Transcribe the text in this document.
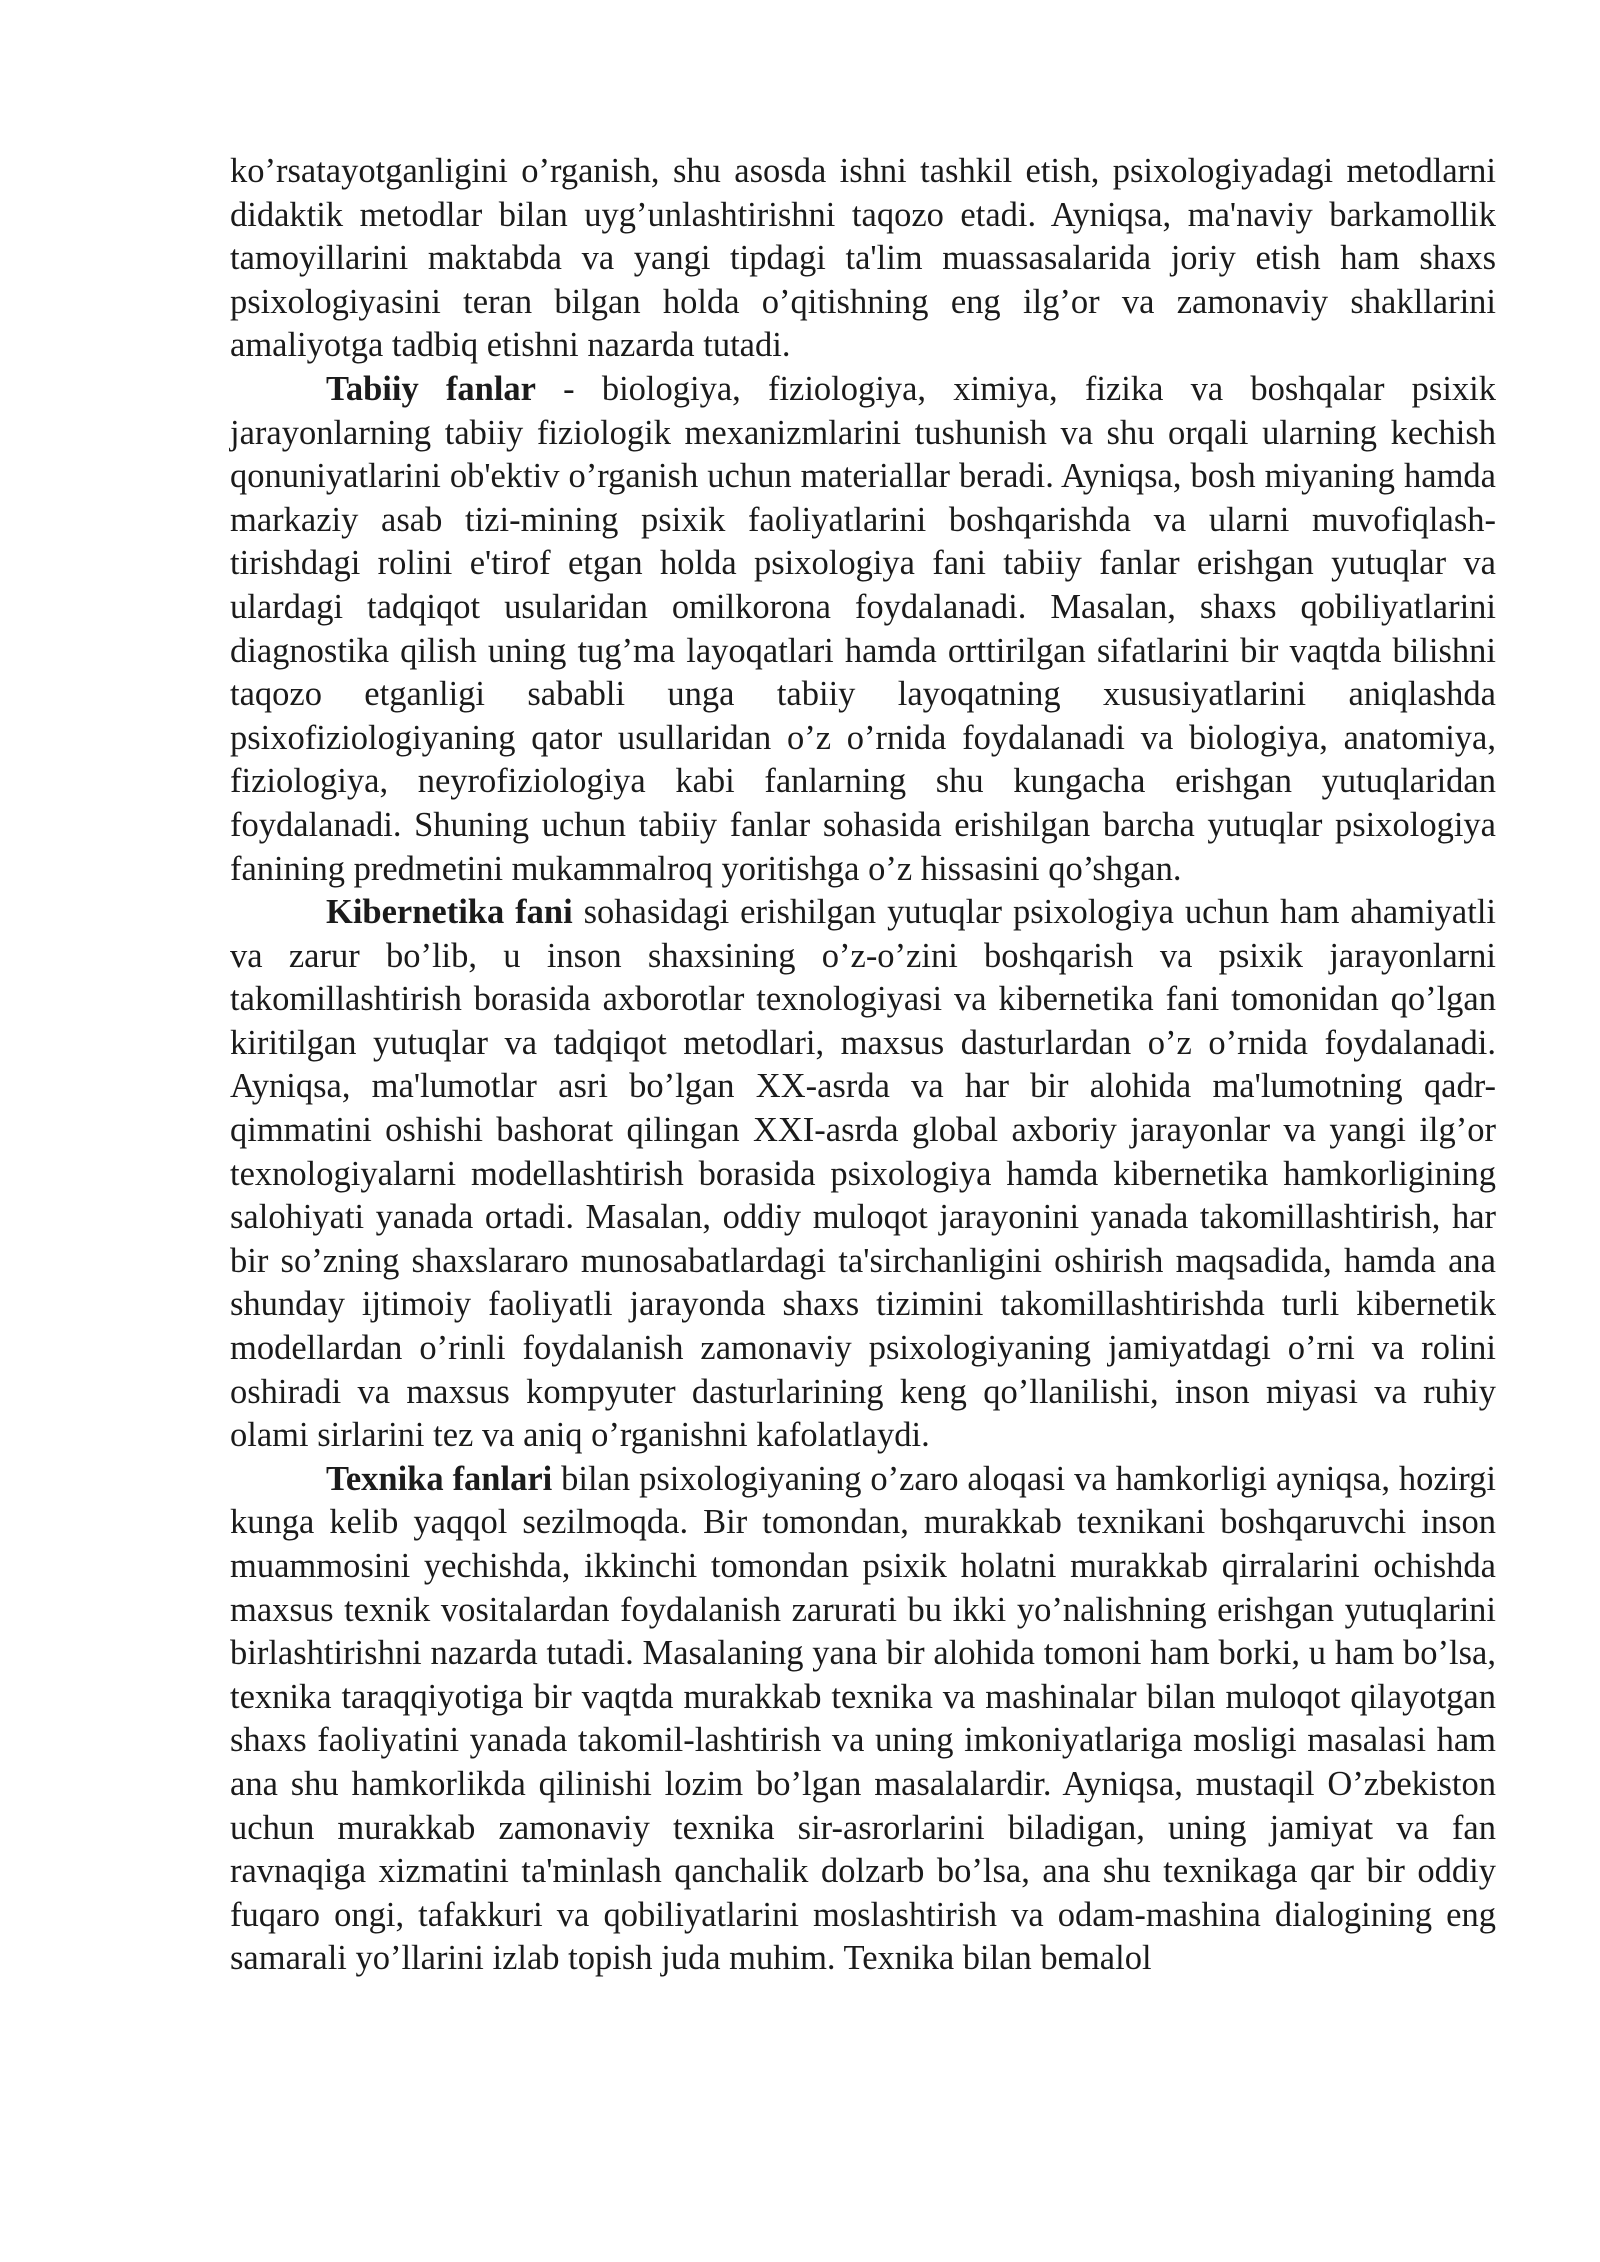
ko’rsatayotganligini o’rganish, shu asosda ishni tashkil etish, psixologiyadagi metodlarni didaktik metodlar bilan uyg’unlashtirishni taqozo etadi. Ayniqsa, ma'naviy barkamollik tamoyillarini maktabda va yangi tipdagi ta'lim muassasalarida joriy etish ham shaxs psixologiyasini teran bilgan holda o’qitishning eng ilg’or va zamonaviy shakllarini amaliyotga tadbiq etishni nazarda tutadi.

Tabiiy fanlar - biologiya, fiziologiya, ximiya, fizika va boshqalar psixik jarayonlarning tabiiy fiziologik mexanizmlarini tushunish va shu orqali ularning kechish qonuniyatlarini ob'ektiv o’rganish uchun materiallar beradi. Ayniqsa, bosh miyaning hamda markaziy asab tizi-mining psixik faoliyatlarini boshqarishda va ularni muvofiqlash-tirishdagi rolini e'tirof etgan holda psixologiya fani tabiiy fanlar erishgan yutuqlar va ulardagi tadqiqot usularidan omilkorona foydalanadi. Masalan, shaxs qobiliyatlarini diagnostika qilish uning tug’ma layoqatlari hamda orttirilgan sifatlarini bir vaqtda bilishni taqozo etganligi sababli unga tabiiy layoqatning xususiyatlarini aniqlashda psixofiziologiyaning qator usullaridan o’z o’rnida foydalanadi va biologiya, anatomiya, fiziologiya, neyrofiziologiya kabi fanlarning shu kungacha erishgan yutuqlaridan foydalanadi. Shuning uchun tabiiy fanlar sohasida erishilgan barcha yutuqlar psixologiya fanining predmetini mukammalroq yoritishga o’z hissasini qo’shgan.

Kibernetika fani sohasidagi erishilgan yutuqlar psixologiya uchun ham ahamiyatli va zarur bo’lib, u inson shaxsining o’z-o’zini boshqarish va psixik jarayonlarni takomillashtirish borasida axborotlar texnologiyasi va kibernetika fani tomonidan qo’lgan kiritilgan yutuqlar va tadqiqot metodlari, maxsus dasturlardan o’z o’rnida foydalanadi. Ayniqsa, ma'lumotlar asri bo’lgan XX-asrda va har bir alohida ma'lumotning qadr-qimmatini oshishi bashorat qilingan XXI-asrda global axboriy jarayonlar va yangi ilg’or texnologiyalarni modellashtirish borasida psixologiya hamda kibernetika hamkorligining salohiyati yanada ortadi. Masalan, oddiy muloqot jarayonini yanada takomillashtirish, har bir so’zning shaxslararo munosabatlardagi ta'sirchanligini oshirish maqsadida, hamda ana shunday ijtimoiy faoliyatli jarayonda shaxs tizimini takomillashtirishda turli kibernetik modellardan o’rinli foydalanish zamonaviy psixologiyaning jamiyatdagi o’rni va rolini oshiradi va maxsus kompyuter dasturlarining keng qo’llanilishi, inson miyasi va ruhiy olami sirlarini tez va aniq o’rganishni kafolatlaydi.

Texnika fanlari bilan psixologiyaning o’zaro aloqasi va hamkorligi ayniqsa, hozirgi kunga kelib yaqqol sezilmoqda. Bir tomondan, murakkab texnikani boshqaruvchi inson muammosini yechishda, ikkinchi tomondan psixik holatni murakkab qirralarini ochishda maxsus texnik vositalardan foydalanish zarurati bu ikki yo’nalishning erishgan yutuqlarini birlashtirishni nazarda tutadi. Masalaning yana bir alohida tomoni ham borki, u ham bo’lsa, texnika taraqqiyotiga bir vaqtda murakkab texnika va mashinalar bilan muloqot qilayotgan shaxs faoliyatini yanada takomil-lashtirish va uning imkoniyatlariga mosligi masalasi ham ana shu hamkorlikda qilinishi lozim bo’lgan masalalardir. Ayniqsa, mustaqil O’zbekiston uchun murakkab zamonaviy texnika sir-asrorlarini biladigan, uning jamiyat va fan ravnaqiga xizmatini ta'minlash qanchalik dolzarb bo’lsa, ana shu texnikaga qar bir oddiy fuqaro ongi, tafakkuri va qobiliyatlarini moslashtirish va odam-mashina dialogining eng samarali yo’llarini izlab topish juda muhim. Texnika bilan bemalol
